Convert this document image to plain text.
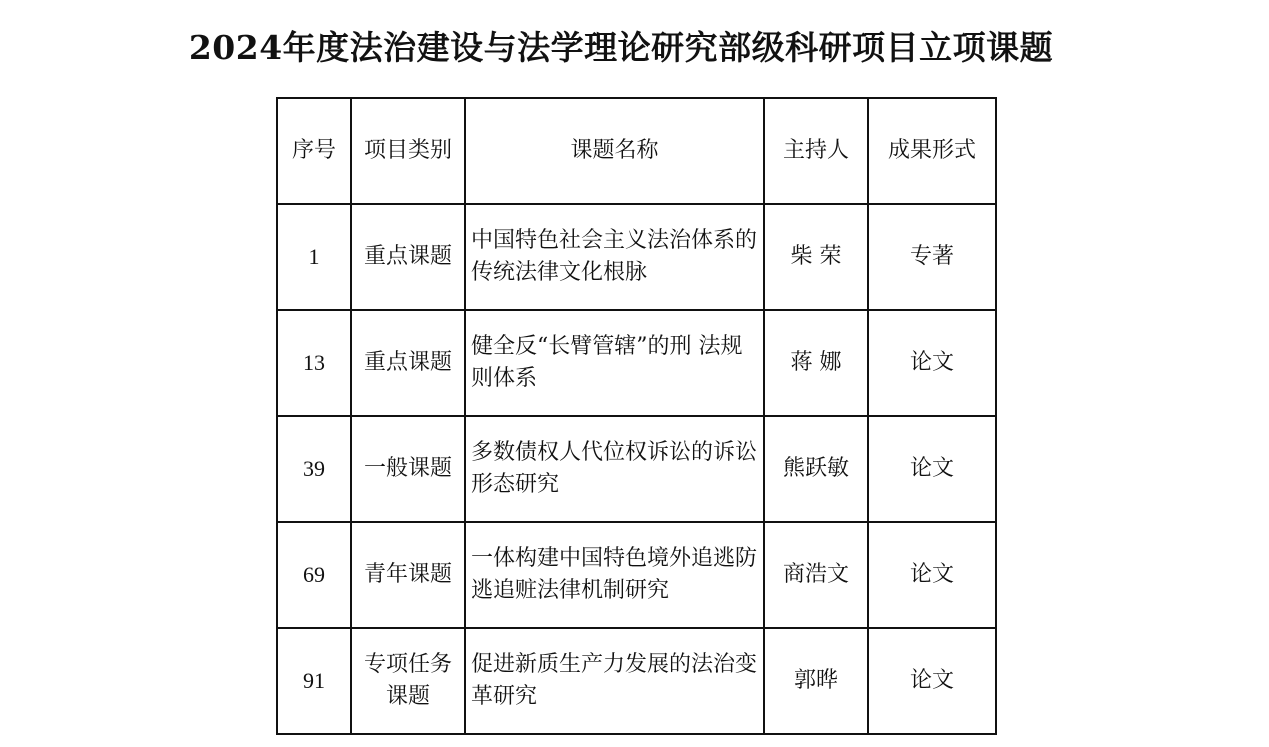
2024年度法治建设与法学理论研究部级科研项目立项课题
序号	项目类别	课题名称	主持人	成果形式
1	重点课题	中国特色社会主义法治体系的传统法律文化根脉	柴 荣	专著
13	重点课题	健全反“长臂管辖”的刑 法规则体系	蒋 娜	论文
39	一般课题	多数债权人代位权诉讼的诉讼形态研究	熊跃敏	论文
69	青年课题	一体构建中国特色境外追逃防逃追赃法律机制研究	商浩文	论文
91	专项任务课题	促进新质生产力发展的法治变革研究	郭晔	论文
